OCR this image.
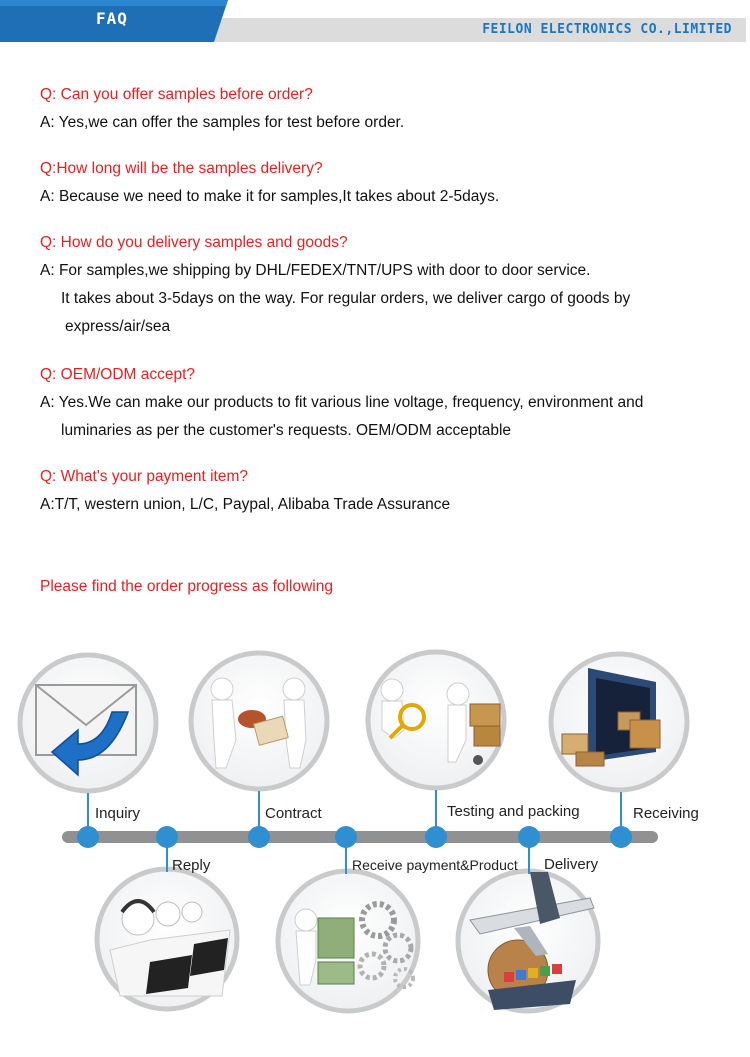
FAQ
FEILON ELECTRONICS CO.,LIMITED
Q: Can you offer samples before order?
A: Yes,we can offer the samples for test before order.
Q:How long will be the samples delivery?
A: Because we need to make it for samples,It takes about 2-5days.
Q: How do you delivery samples and goods?
A: For samples,we shipping by DHL/FEDEX/TNT/UPS with door to door service.
It takes about 3-5days on the way. For regular orders, we deliver cargo of goods by
express/air/sea
Q: OEM/ODM accept?
A: Yes.We can make our products to fit various line voltage, frequency, environment and
luminaries as per the customer's requests. OEM/ODM acceptable
Q: What's your payment item?
A:T/T, western union, L/C, Paypal, Alibaba Trade Assurance
Please find the order progress as following
Inquiry	Contract	Testing and packing	Receiving
Reply	Receive payment&Product Delivery
